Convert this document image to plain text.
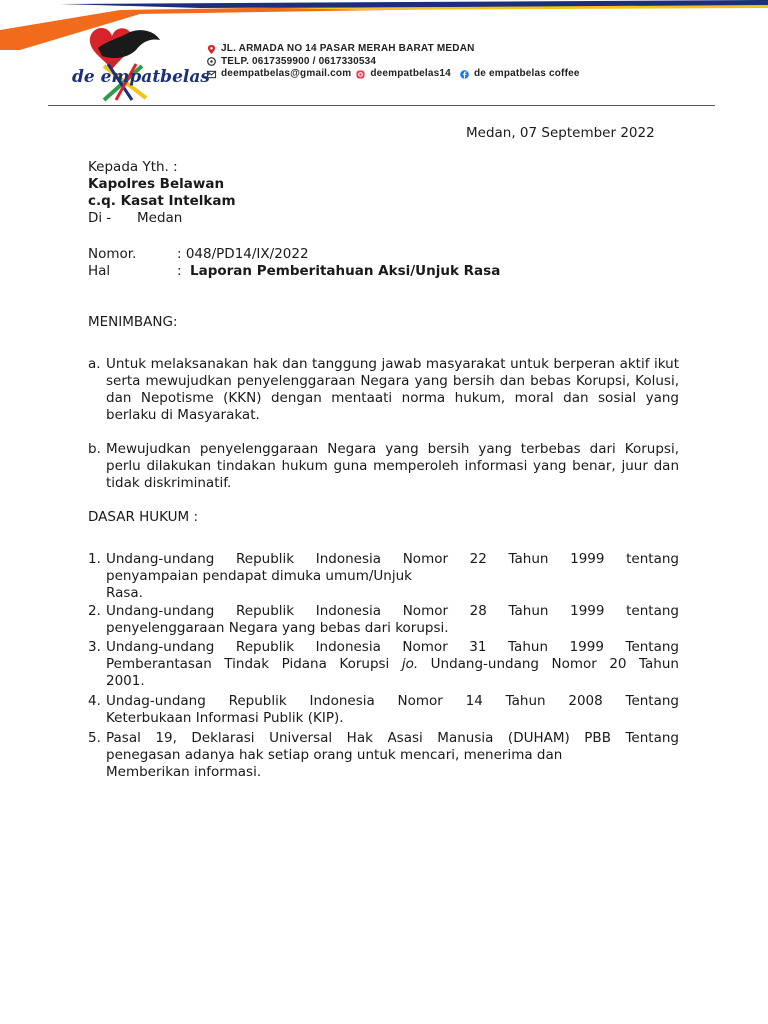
de empatbelas
JL. ARMADA NO 14 PASAR MERAH BARAT MEDAN
TELP. 0617359900 / 0617330534
deempatbelas@gmail.com deempatbelas14 de empatbelas coffee
Medan, 07 September 2022
Kepada Yth. :
Kapolres Belawan
c.q. Kasat Intelkam
Di - Medan
Nomor.	: 048/PD14/IX/2022
Hal	: Laporan Pemberitahuan Aksi/Unjuk Rasa
MENIMBANG:
a. Untuk melaksanakan hak dan tanggung jawab masyarakat untuk berperan aktif ikut serta mewujudkan penyelenggaraan Negara yang bersih dan bebas Korupsi, Kolusi, dan Nepotisme (KKN) dengan mentaati norma hukum, moral dan sosial yang berlaku di Masyarakat.
b. Mewujudkan penyelenggaraan Negara yang bersih yang terbebas dari Korupsi, perlu dilakukan tindakan hukum guna memperoleh informasi yang benar, juur dan tidak diskriminatif.
DASAR HUKUM :
1. Undang-undang Republik Indonesia Nomor 22 Tahun 1999 tentang
penyampaian pendapat dimuka umum/Unjuk
Rasa.
2. Undang-undang Republik Indonesia Nomor 28 Tahun 1999 tentang
penyelenggaraan Negara yang bebas dari korupsi.
3. Undang-undang Republik Indonesia Nomor 31 Tahun 1999 Tentang
Pemberantasan Tindak Pidana Korupsi jo. Undang-undang Nomor 20 Tahun
2001.
4. Undag-undang Republik Indonesia Nomor 14 Tahun 2008 Tentang
Keterbukaan Informasi Publik (KIP).
5. Pasal 19, Deklarasi Universal Hak Asasi Manusia (DUHAM) PBB Tentang
penegasan adanya hak setiap orang untuk mencari, menerima dan
Memberikan informasi.
